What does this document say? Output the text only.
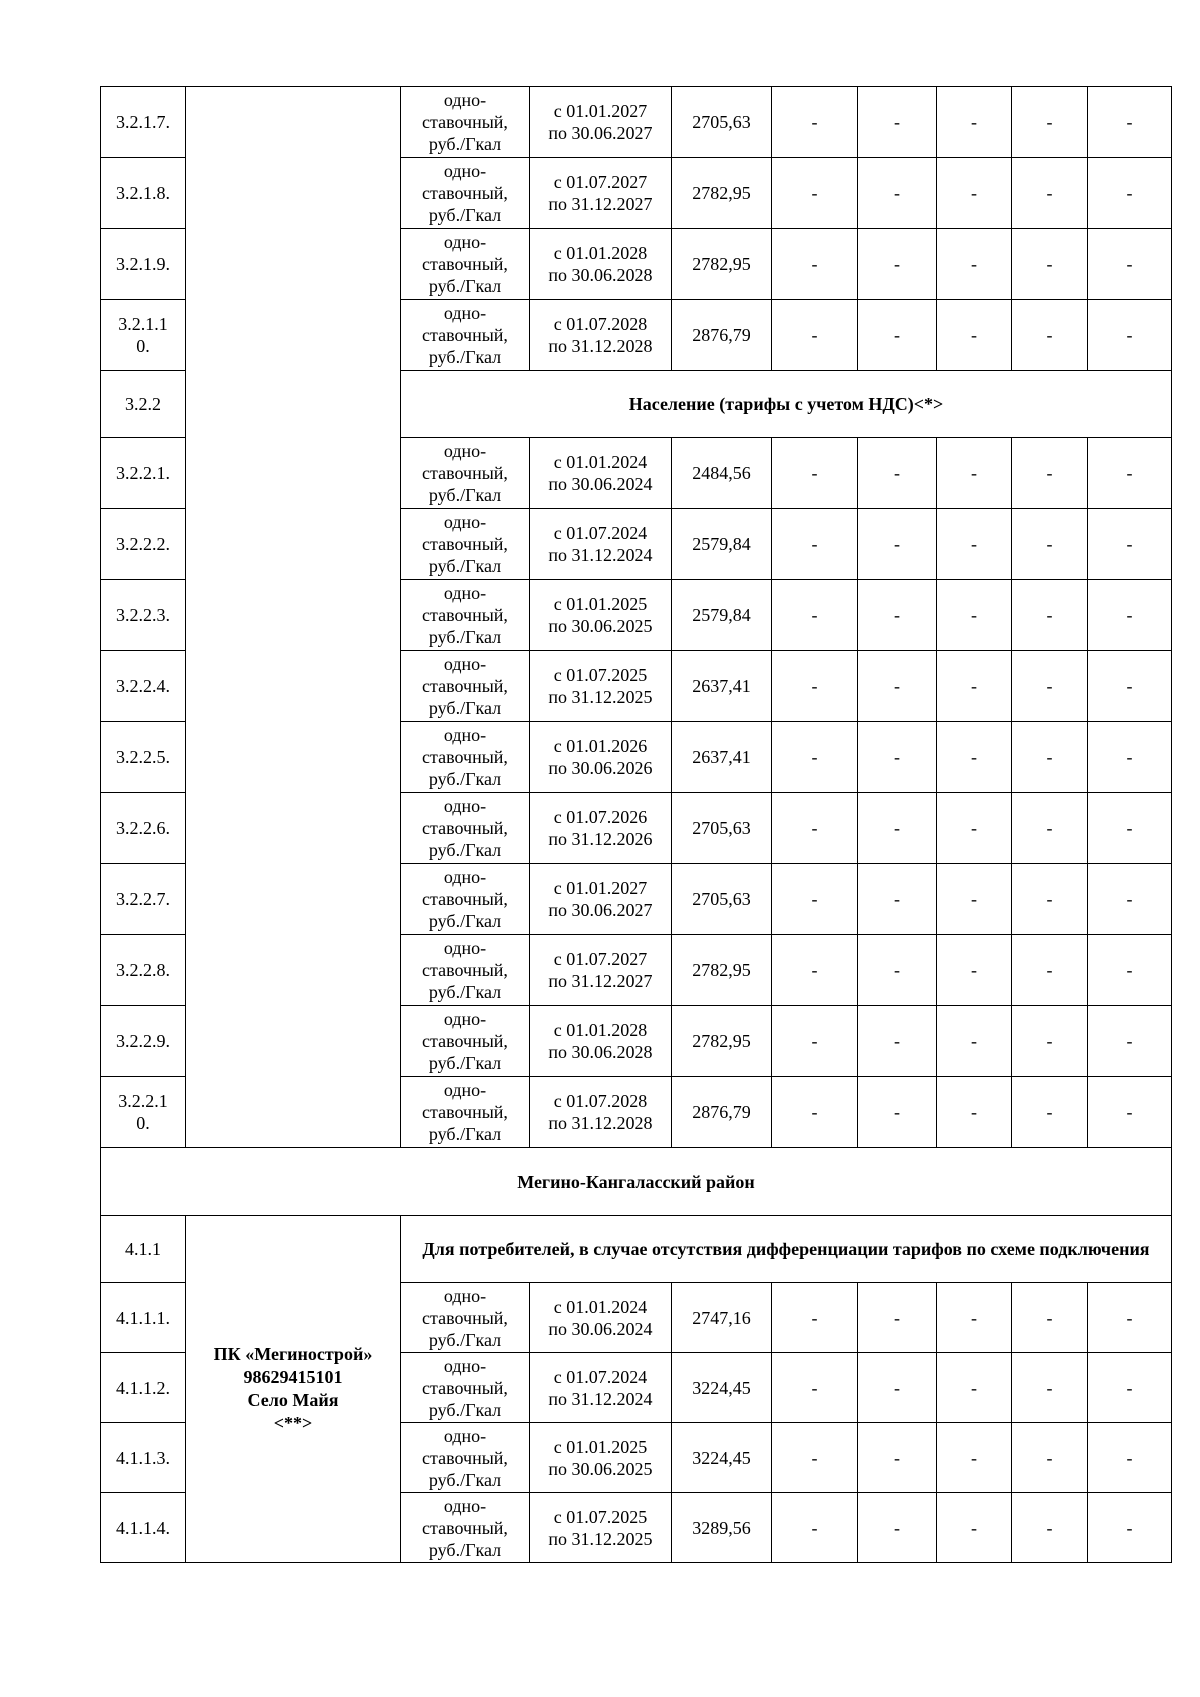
3.2.1.7.		одно-
ставочный,
руб./Гкал	с 01.01.2027
по 30.06.2027	2705,63	-	-	-	-	-
3.2.1.8.		одно-
ставочный,
руб./Гкал	с 01.07.2027
по 31.12.2027	2782,95	-	-	-	-	-
3.2.1.9.		одно-
ставочный,
руб./Гкал	с 01.01.2028
по 30.06.2028	2782,95	-	-	-	-	-
3.2.1.1
0.		одно-
ставочный,
руб./Гкал	с 01.07.2028
по 31.12.2028	2876,79	-	-	-	-	-
3.2.2		Население (тарифы с учетом НДС)<*>							
3.2.2.1.		одно-
ставочный,
руб./Гкал	с 01.01.2024
по 30.06.2024	2484,56	-	-	-	-	-
3.2.2.2.		одно-
ставочный,
руб./Гкал	с 01.07.2024
по 31.12.2024	2579,84	-	-	-	-	-
3.2.2.3.		одно-
ставочный,
руб./Гкал	с 01.01.2025
по 30.06.2025	2579,84	-	-	-	-	-
3.2.2.4.		одно-
ставочный,
руб./Гкал	с 01.07.2025
по 31.12.2025	2637,41	-	-	-	-	-
3.2.2.5.		одно-
ставочный,
руб./Гкал	с 01.01.2026
по 30.06.2026	2637,41	-	-	-	-	-
3.2.2.6.		одно-
ставочный,
руб./Гкал	с 01.07.2026
по 31.12.2026	2705,63	-	-	-	-	-
3.2.2.7.		одно-
ставочный,
руб./Гкал	с 01.01.2027
по 30.06.2027	2705,63	-	-	-	-	-
3.2.2.8.		одно-
ставочный,
руб./Гкал	с 01.07.2027
по 31.12.2027	2782,95	-	-	-	-	-
3.2.2.9.		одно-
ставочный,
руб./Гкал	с 01.01.2028
по 30.06.2028	2782,95	-	-	-	-	-
3.2.2.1
0.		одно-
ставочный,
руб./Гкал	с 01.07.2028
по 31.12.2028	2876,79	-	-	-	-	-
Мегино-Кангаласский район									
4.1.1	ПК «Мегинострой»
98629415101
Село Майя
<**>	Для потребителей, в случае отсутствия дифференциации тарифов по схеме подключения							
4.1.1.1.		одно-
ставочный,
руб./Гкал	с 01.01.2024
по 30.06.2024	2747,16	-	-	-	-	-
4.1.1.2.		одно-
ставочный,
руб./Гкал	с 01.07.2024
по 31.12.2024	3224,45	-	-	-	-	-
4.1.1.3.		одно-
ставочный,
руб./Гкал	с 01.01.2025
по 30.06.2025	3224,45	-	-	-	-	-
4.1.1.4.		одно-
ставочный,
руб./Гкал	с 01.07.2025
по 31.12.2025	3289,56	-	-	-	-	-
